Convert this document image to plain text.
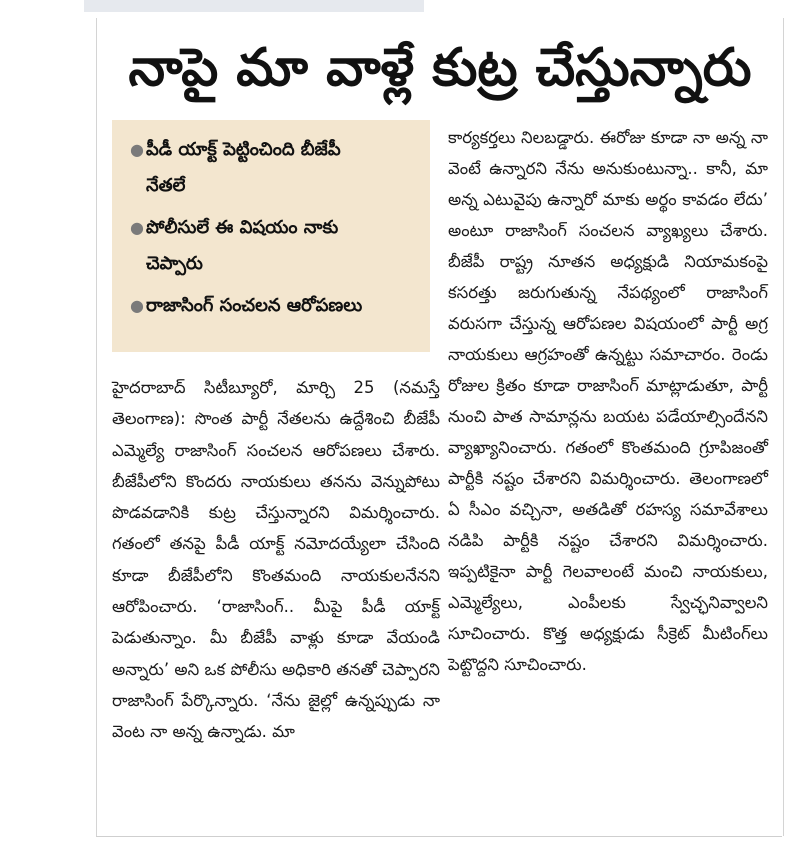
నాపై మా వాళ్లే కుట్ర చేస్తున్నారు
● పీడీ యాక్ట్ పెట్టించింది బీజేపీ నేతలే
● పోలీసులే ఈ విషయం నాకు చెప్పారు
● రాజాసింగ్ సంచలన ఆరోపణలు

హైదరాబాద్ సిటీబ్యూరో, మార్చి 25 (నమస్తే తెలంగాణ): సొంత పార్టీ నేతలను ఉద్దేశించి బీజేపీ ఎమ్మెల్యే రాజాసింగ్ సంచలన ఆరోపణలు చేశారు. బీజేపీలోని కొందరు నాయకులు తనను వెన్నుపోటు పొడవడానికి కుట్ర చేస్తున్నారని విమర్శించారు. గతంలో తనపై పీడీ యాక్ట్ నమోదయ్యేలా చేసింది కూడా బీజేపీలోని కొంతమంది నాయకులనేనని ఆరోపించారు. ‘రాజాసింగ్.. మీపై పీడీ యాక్ట్ పెడుతున్నాం. మీ బీజేపీ వాళ్లు కూడా వేయండి అన్నారు’ అని ఒక పోలీసు అధికారి తనతో చెప్పారని రాజాసింగ్ పేర్కొన్నారు. ‘నేను జైల్లో ఉన్నప్పుడు నా వెంట నా అన్న ఉన్నాడు. మా

కార్యకర్తలు నిలబడ్డారు. ఈరోజు కూడా నా అన్న నా వెంటే ఉన్నారని నేను అనుకుంటున్నా.. కానీ, మా అన్న ఎటువైపు ఉన్నారో మాకు అర్థం కావడం లేదు’ అంటూ రాజాసింగ్ సంచలన వ్యాఖ్యలు చేశారు. బీజేపీ రాష్ట్ర నూతన అధ్యక్షుడి నియామకంపై కసరత్తు జరుగుతున్న నేపథ్యంలో రాజాసింగ్ వరుసగా చేస్తున్న ఆరోపణల విషయంలో పార్టీ అగ్ర నాయకులు ఆగ్రహంతో ఉన్నట్టు సమాచారం. రెండు రోజుల క్రితం కూడా రాజాసింగ్ మాట్లాడుతూ, పార్టీ నుంచి పాత సామాన్లను బయట పడేయాల్సిందేనని వ్యాఖ్యానించారు. గతంలో కొంతమంది గ్రూపిజంతో పార్టీకి నష్టం చేశారని విమర్శించారు. తెలంగాణలో ఏ సీఎం వచ్చినా, అతడితో రహస్య సమావేశాలు నడిపి పార్టీకి నష్టం చేశారని విమర్శించారు. ఇప్పటికైనా పార్టీ గెలవాలంటే మంచి నాయకులు, ఎమ్మెల్యేలు, ఎంపీలకు స్వేచ్ఛనివ్వాలని సూచించారు. కొత్త అధ్యక్షుడు సీక్రెట్ మీటింగ్‌లు పెట్టొద్దని సూచించారు.
